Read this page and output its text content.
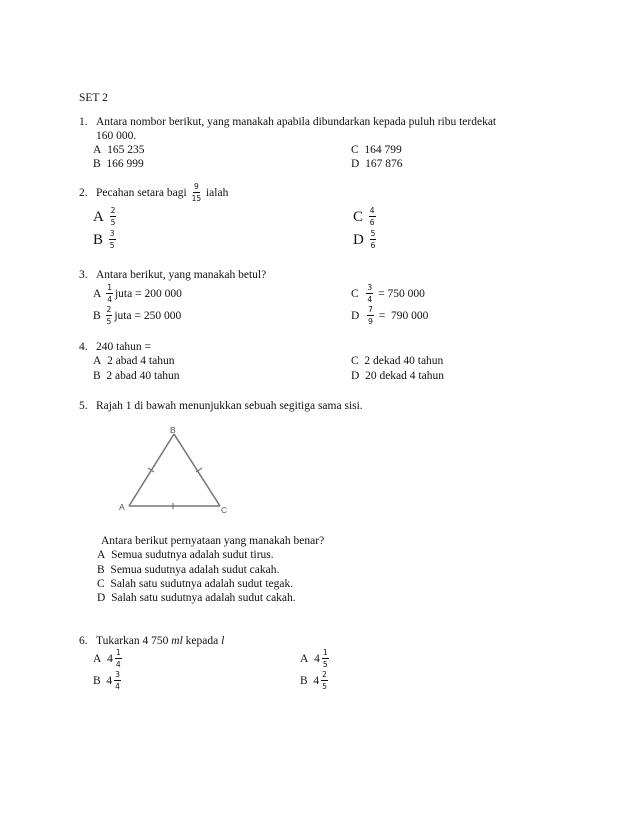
SET 2
1. Antara nombor berikut, yang manakah apabila dibundarkan kepada puluh ribu terdekat
160 000.
A 165 235
B 166 999
C 164 799
D 167 876
2. Pecahan setara bagi
$\frac{9}{15}$
ialah
A
$\frac{2}{5}$
B
$\frac{3}{5}$
C
$\frac{4}{6}$
D
$\frac{5}{6}$
3. Antara berikut, yang manakah betul?
A
$\frac{1}{4}$ juta
=
200 000
B
$\frac{2}{5}$ juta
=
250 000
C
$\frac{3}{4}$
=
750 000
D
$\frac{7}{9}$
=
790 000
4. 240 tahun =
A 2 abad 4 tahun
B 2 abad 40 tahun
C 2 dekad 40 tahun
D 20 dekad 4 tahun
5. Rajah 1 di bawah menunjukkan sebuah segitiga sama sisi.
B
A	C
Antara berikut pernyataan yang manakah benar?
A Semua sudutnya adalah sudut tirus.
B Semua sudutnya adalah sudut cakah.
C Salah satu sudutnya adalah sudut tegak.
D Salah satu sudutnya adalah sudut cakah.
6. Tukarkan 4 750 ml kepada l
A
$4 \frac{1}{4}$
B
$4 \frac{3}{4}$
A
$4 \frac{1}{5}$
B
$4 \frac{2}{5}$
